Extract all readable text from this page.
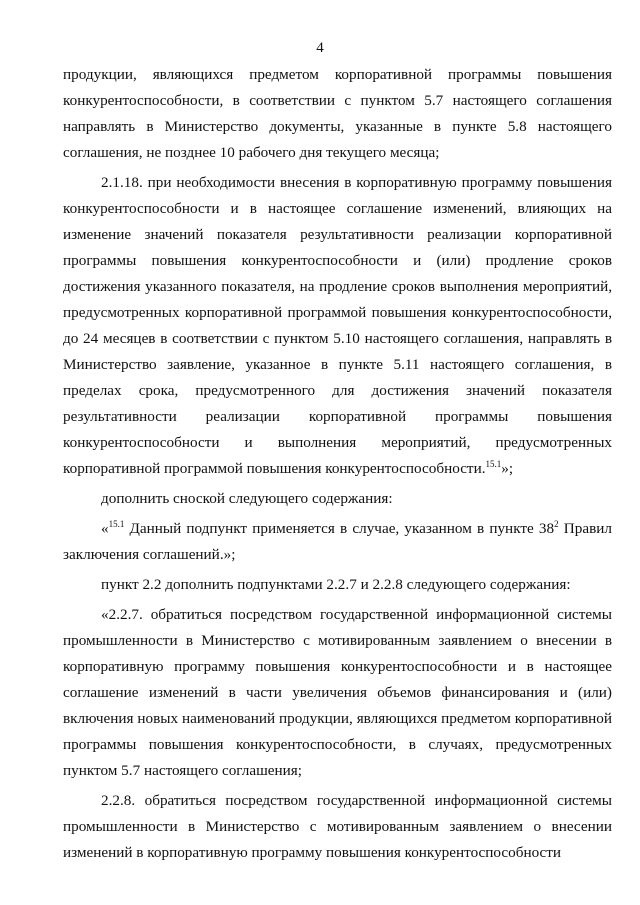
4

продукции, являющихся предметом корпоративной программы повышения конкурентоспособности, в соответствии с пунктом 5.7 настоящего соглашения направлять в Министерство документы, указанные в пункте 5.8 настоящего соглашения, не позднее 10 рабочего дня текущего месяца;

2.1.18. при необходимости внесения в корпоративную программу повышения конкурентоспособности и в настоящее соглашение изменений, влияющих на изменение значений показателя результативности реализации корпоративной программы повышения конкурентоспособности и (или) продление сроков достижения указанного показателя, на продление сроков выполнения мероприятий, предусмотренных корпоративной программой повышения конкурентоспособности, до 24 месяцев в соответствии с пунктом 5.10 настоящего соглашения, направлять в Министерство заявление, указанное в пункте 5.11 настоящего соглашения, в пределах срока, предусмотренного для достижения значений показателя результативности реализации корпоративной программы повышения конкурентоспособности и выполнения мероприятий, предусмотренных корпоративной программой повышения конкурентоспособности.$^{15.1}$»;

дополнить сноской следующего содержания:

«$^{15.1}$ Данный подпункт применяется в случае, указанном в пункте $38^2$ Правил заключения соглашений.»;

пункт 2.2 дополнить подпунктами 2.2.7 и 2.2.8 следующего содержания:

«2.2.7. обратиться посредством государственной информационной системы промышленности в Министерство с мотивированным заявлением о внесении в корпоративную программу повышения конкурентоспособности и в настоящее соглашение изменений в части увеличения объемов финансирования и (или) включения новых наименований продукции, являющихся предметом корпоративной программы повышения конкурентоспособности, в случаях, предусмотренных пунктом 5.7 настоящего соглашения;

2.2.8. обратиться посредством государственной информационной системы промышленности в Министерство с мотивированным заявлением о внесении изменений в корпоративную программу повышения конкурентоспособности
